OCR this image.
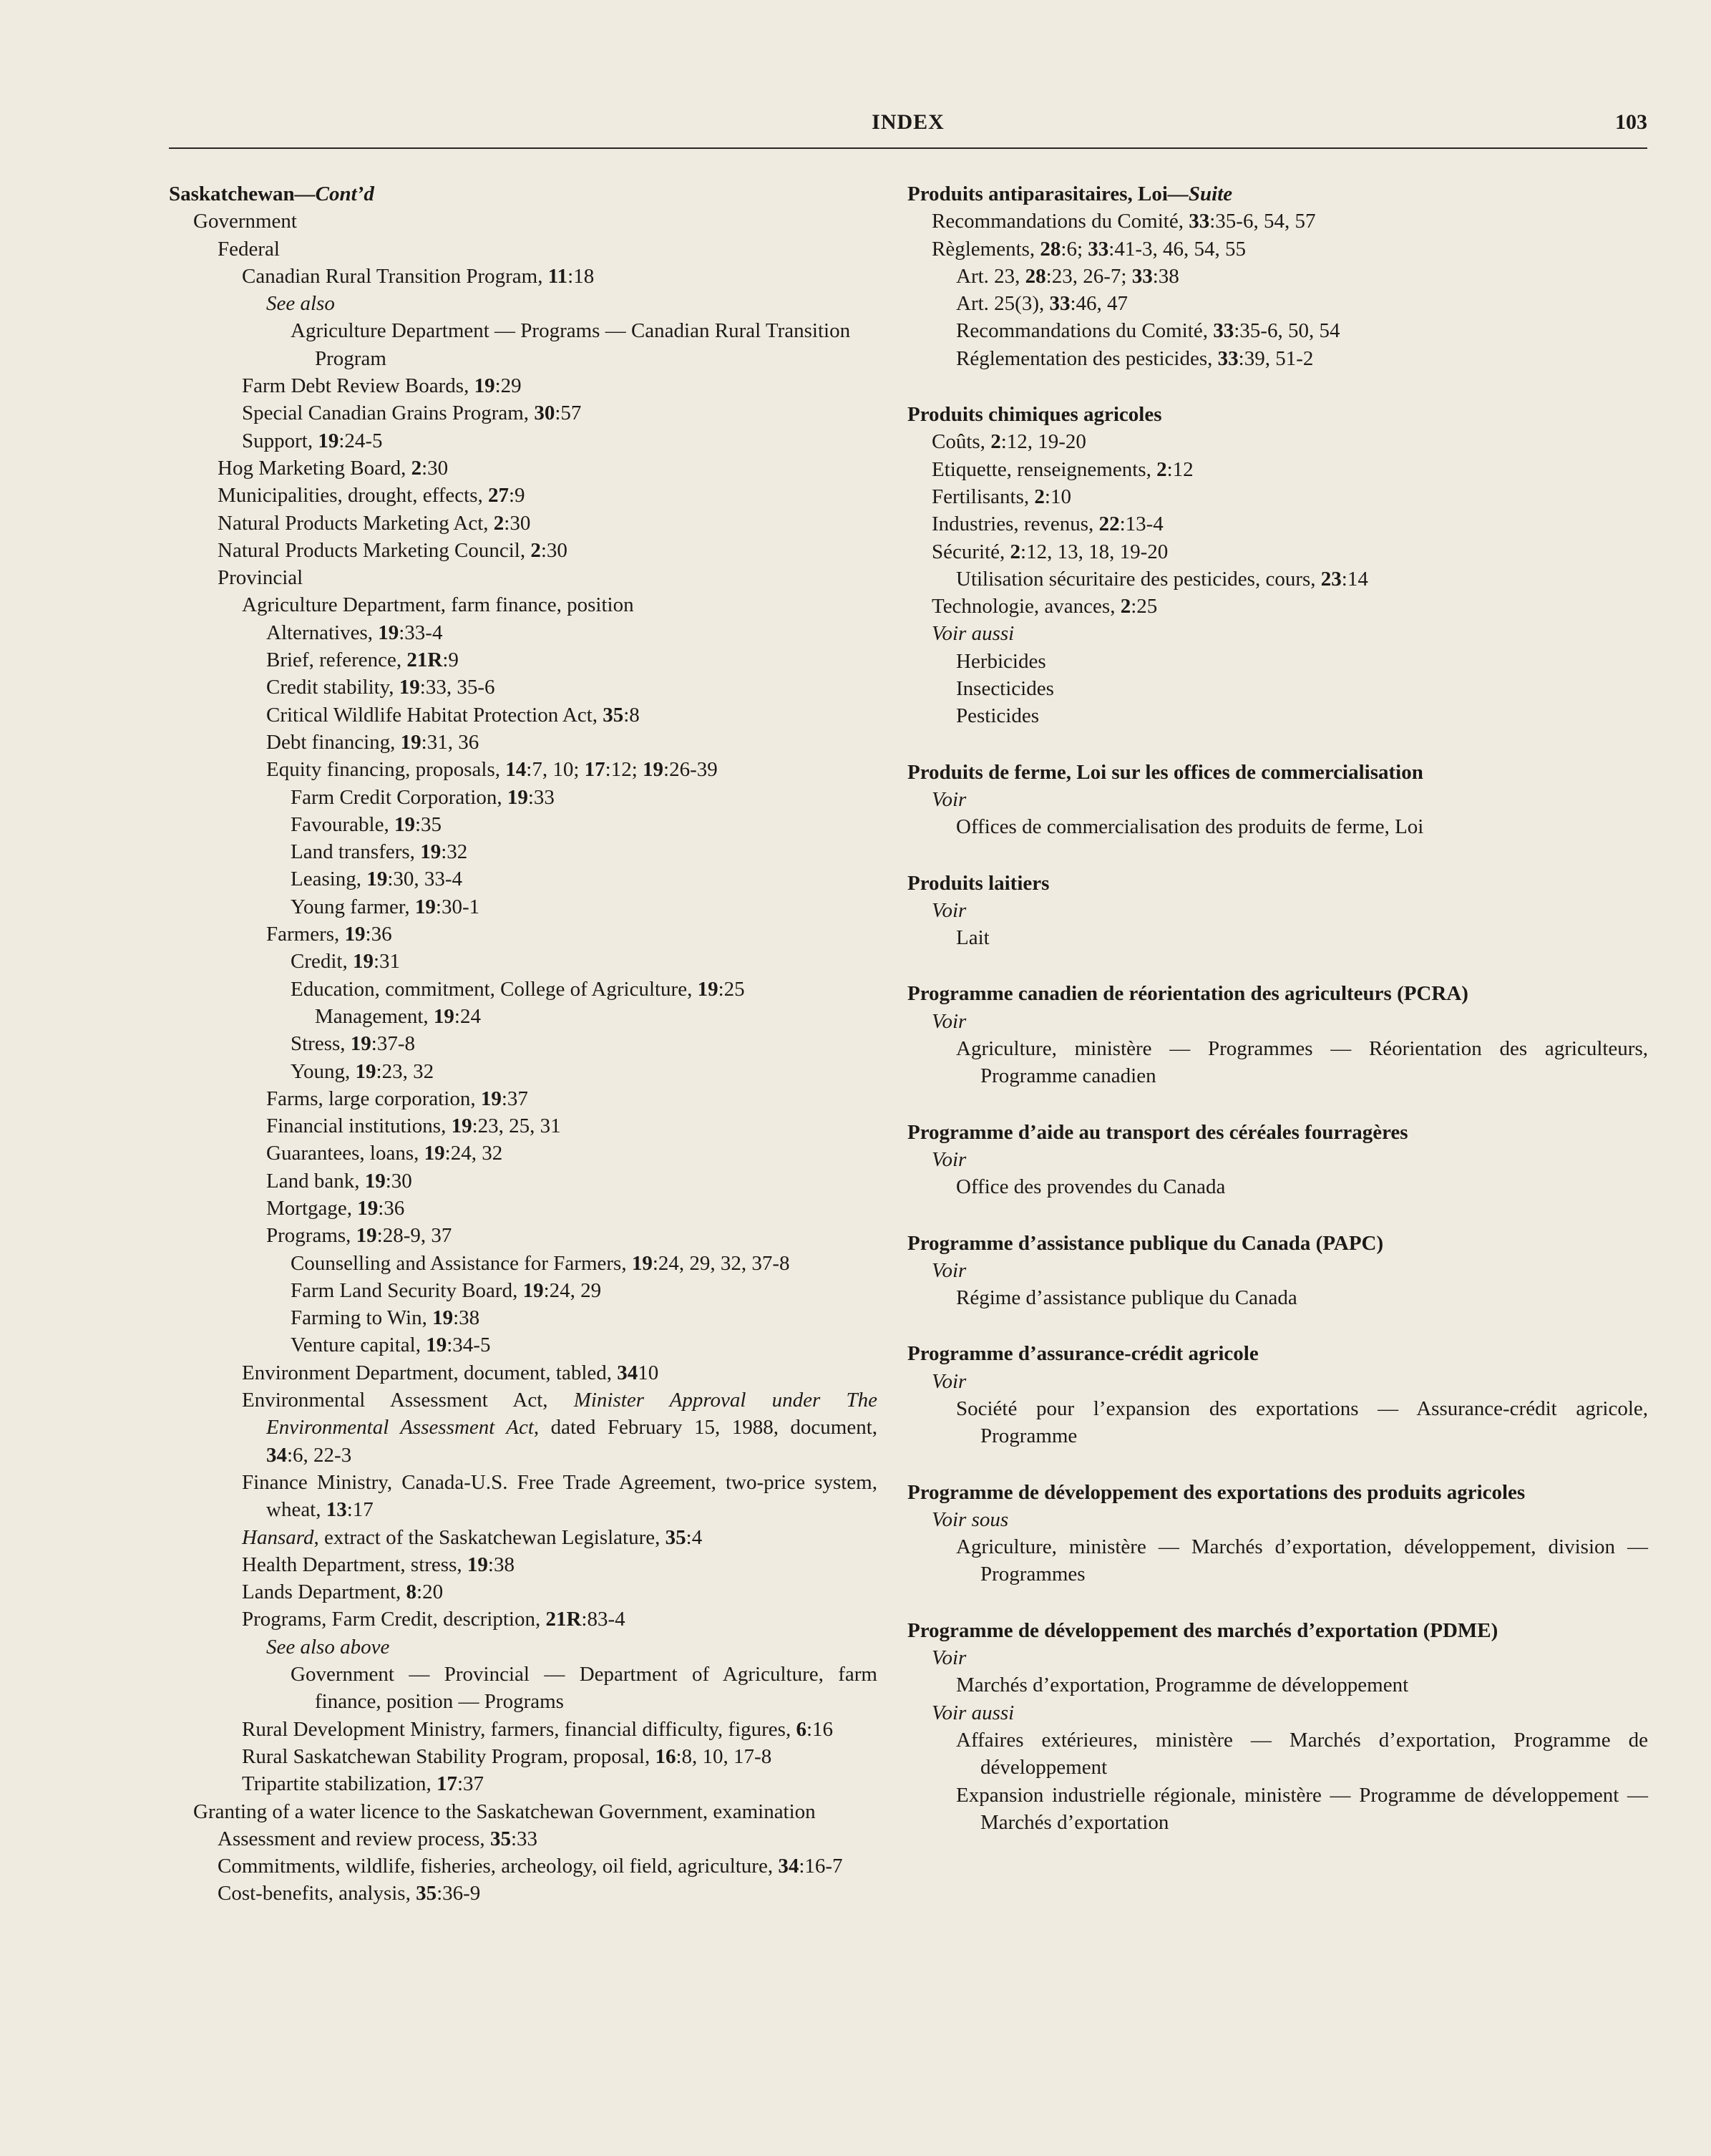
INDEX	103
Saskatchewan—Cont’d
Government
Federal
Canadian Rural Transition Program, 11:18
See also
Agriculture Department — Programs — Canadian Rural Transition Program
Farm Debt Review Boards, 19:29
Special Canadian Grains Program, 30:57
Support, 19:24-5
Hog Marketing Board, 2:30
Municipalities, drought, effects, 27:9
Natural Products Marketing Act, 2:30
Natural Products Marketing Council, 2:30
Provincial
Agriculture Department, farm finance, position
Alternatives, 19:33-4
Brief, reference, 21R:9
Credit stability, 19:33, 35-6
Critical Wildlife Habitat Protection Act, 35:8
Debt financing, 19:31, 36
Equity financing, proposals, 14:7, 10; 17:12; 19:26-39
Farm Credit Corporation, 19:33
Favourable, 19:35
Land transfers, 19:32
Leasing, 19:30, 33-4
Young farmer, 19:30-1
Farmers, 19:36
Credit, 19:31
Education, commitment, College of Agriculture, 19:25
Management, 19:24
Stress, 19:37-8
Young, 19:23, 32
Farms, large corporation, 19:37
Financial institutions, 19:23, 25, 31
Guarantees, loans, 19:24, 32
Land bank, 19:30
Mortgage, 19:36
Programs, 19:28-9, 37
Counselling and Assistance for Farmers, 19:24, 29, 32, 37-8
Farm Land Security Board, 19:24, 29
Farming to Win, 19:38
Venture capital, 19:34-5
Environment Department, document, tabled, 3410
Environmental Assessment Act, Minister Approval under The Environmental Assessment Act, dated February 15, 1988, document, 34:6, 22-3
Finance Ministry, Canada-U.S. Free Trade Agreement, two-price system, wheat, 13:17
Hansard, extract of the Saskatchewan Legislature, 35:4
Health Department, stress, 19:38
Lands Department, 8:20
Programs, Farm Credit, description, 21R:83-4
See also above
Government — Provincial — Department of Agriculture, farm finance, position — Programs
Rural Development Ministry, farmers, financial difficulty, figures, 6:16
Rural Saskatchewan Stability Program, proposal, 16:8, 10, 17-8
Tripartite stabilization, 17:37
Granting of a water licence to the Saskatchewan Government, examination
Assessment and review process, 35:33
Commitments, wildlife, fisheries, archeology, oil field, agriculture, 34:16-7
Cost-benefits, analysis, 35:36-9
Produits antiparasitaires, Loi—Suite
Recommandations du Comité, 33:35-6, 54, 57
Règlements, 28:6; 33:41-3, 46, 54, 55
Art. 23, 28:23, 26-7; 33:38
Art. 25(3), 33:46, 47
Recommandations du Comité, 33:35-6, 50, 54
Réglementation des pesticides, 33:39, 51-2
Produits chimiques agricoles
Coûts, 2:12, 19-20
Etiquette, renseignements, 2:12
Fertilisants, 2:10
Industries, revenus, 22:13-4
Sécurité, 2:12, 13, 18, 19-20
Utilisation sécuritaire des pesticides, cours, 23:14
Technologie, avances, 2:25
Voir aussi
Herbicides
Insecticides
Pesticides
Produits de ferme, Loi sur les offices de commercialisation
Voir
Offices de commercialisation des produits de ferme, Loi
Produits laitiers
Voir
Lait
Programme canadien de réorientation des agriculteurs (PCRA)
Voir
Agriculture, ministère — Programmes — Réorientation des agriculteurs, Programme canadien
Programme d’aide au transport des céréales fourragères
Voir
Office des provendes du Canada
Programme d’assistance publique du Canada (PAPC)
Voir
Régime d’assistance publique du Canada
Programme d’assurance-crédit agricole
Voir
Société pour l’expansion des exportations — Assurance-crédit agricole, Programme
Programme de développement des exportations des produits agricoles
Voir sous
Agriculture, ministère — Marchés d’exportation, développement, division — Programmes
Programme de développement des marchés d’exportation (PDME)
Voir
Marchés d’exportation, Programme de développement
Voir aussi
Affaires extérieures, ministère — Marchés d’exportation, Programme de développement
Expansion industrielle régionale, ministère — Programme de développement — Marchés d’exportation
